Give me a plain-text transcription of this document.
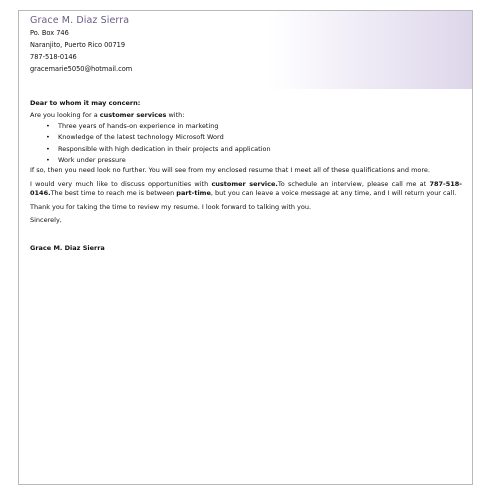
Grace M. Diaz Sierra
Po. Box 746
Naranjito, Puerto Rico 00719
787-518-0146
gracemarie5050@hotmail.com

Dear to whom it may concern:

Are you looking for a customer services with:

• Three years of hands-on experience in marketing
• Knowledge of the latest technology Microsoft Word
• Responsible with high dedication in their projects and application
• Work under pressure

If so, then you need look no further. You will see from my enclosed resume that I meet all of these qualifications and more.

I would very much like to discuss opportunities with customer service.To schedule an interview, please call me at 787-518-0146.The best time to reach me is between part-time, but you can leave a voice message at any time, and I will return your call.

Thank you for taking the time to review my resume. I look forward to talking with you.

Sincerely,

Grace M. Diaz Sierra
